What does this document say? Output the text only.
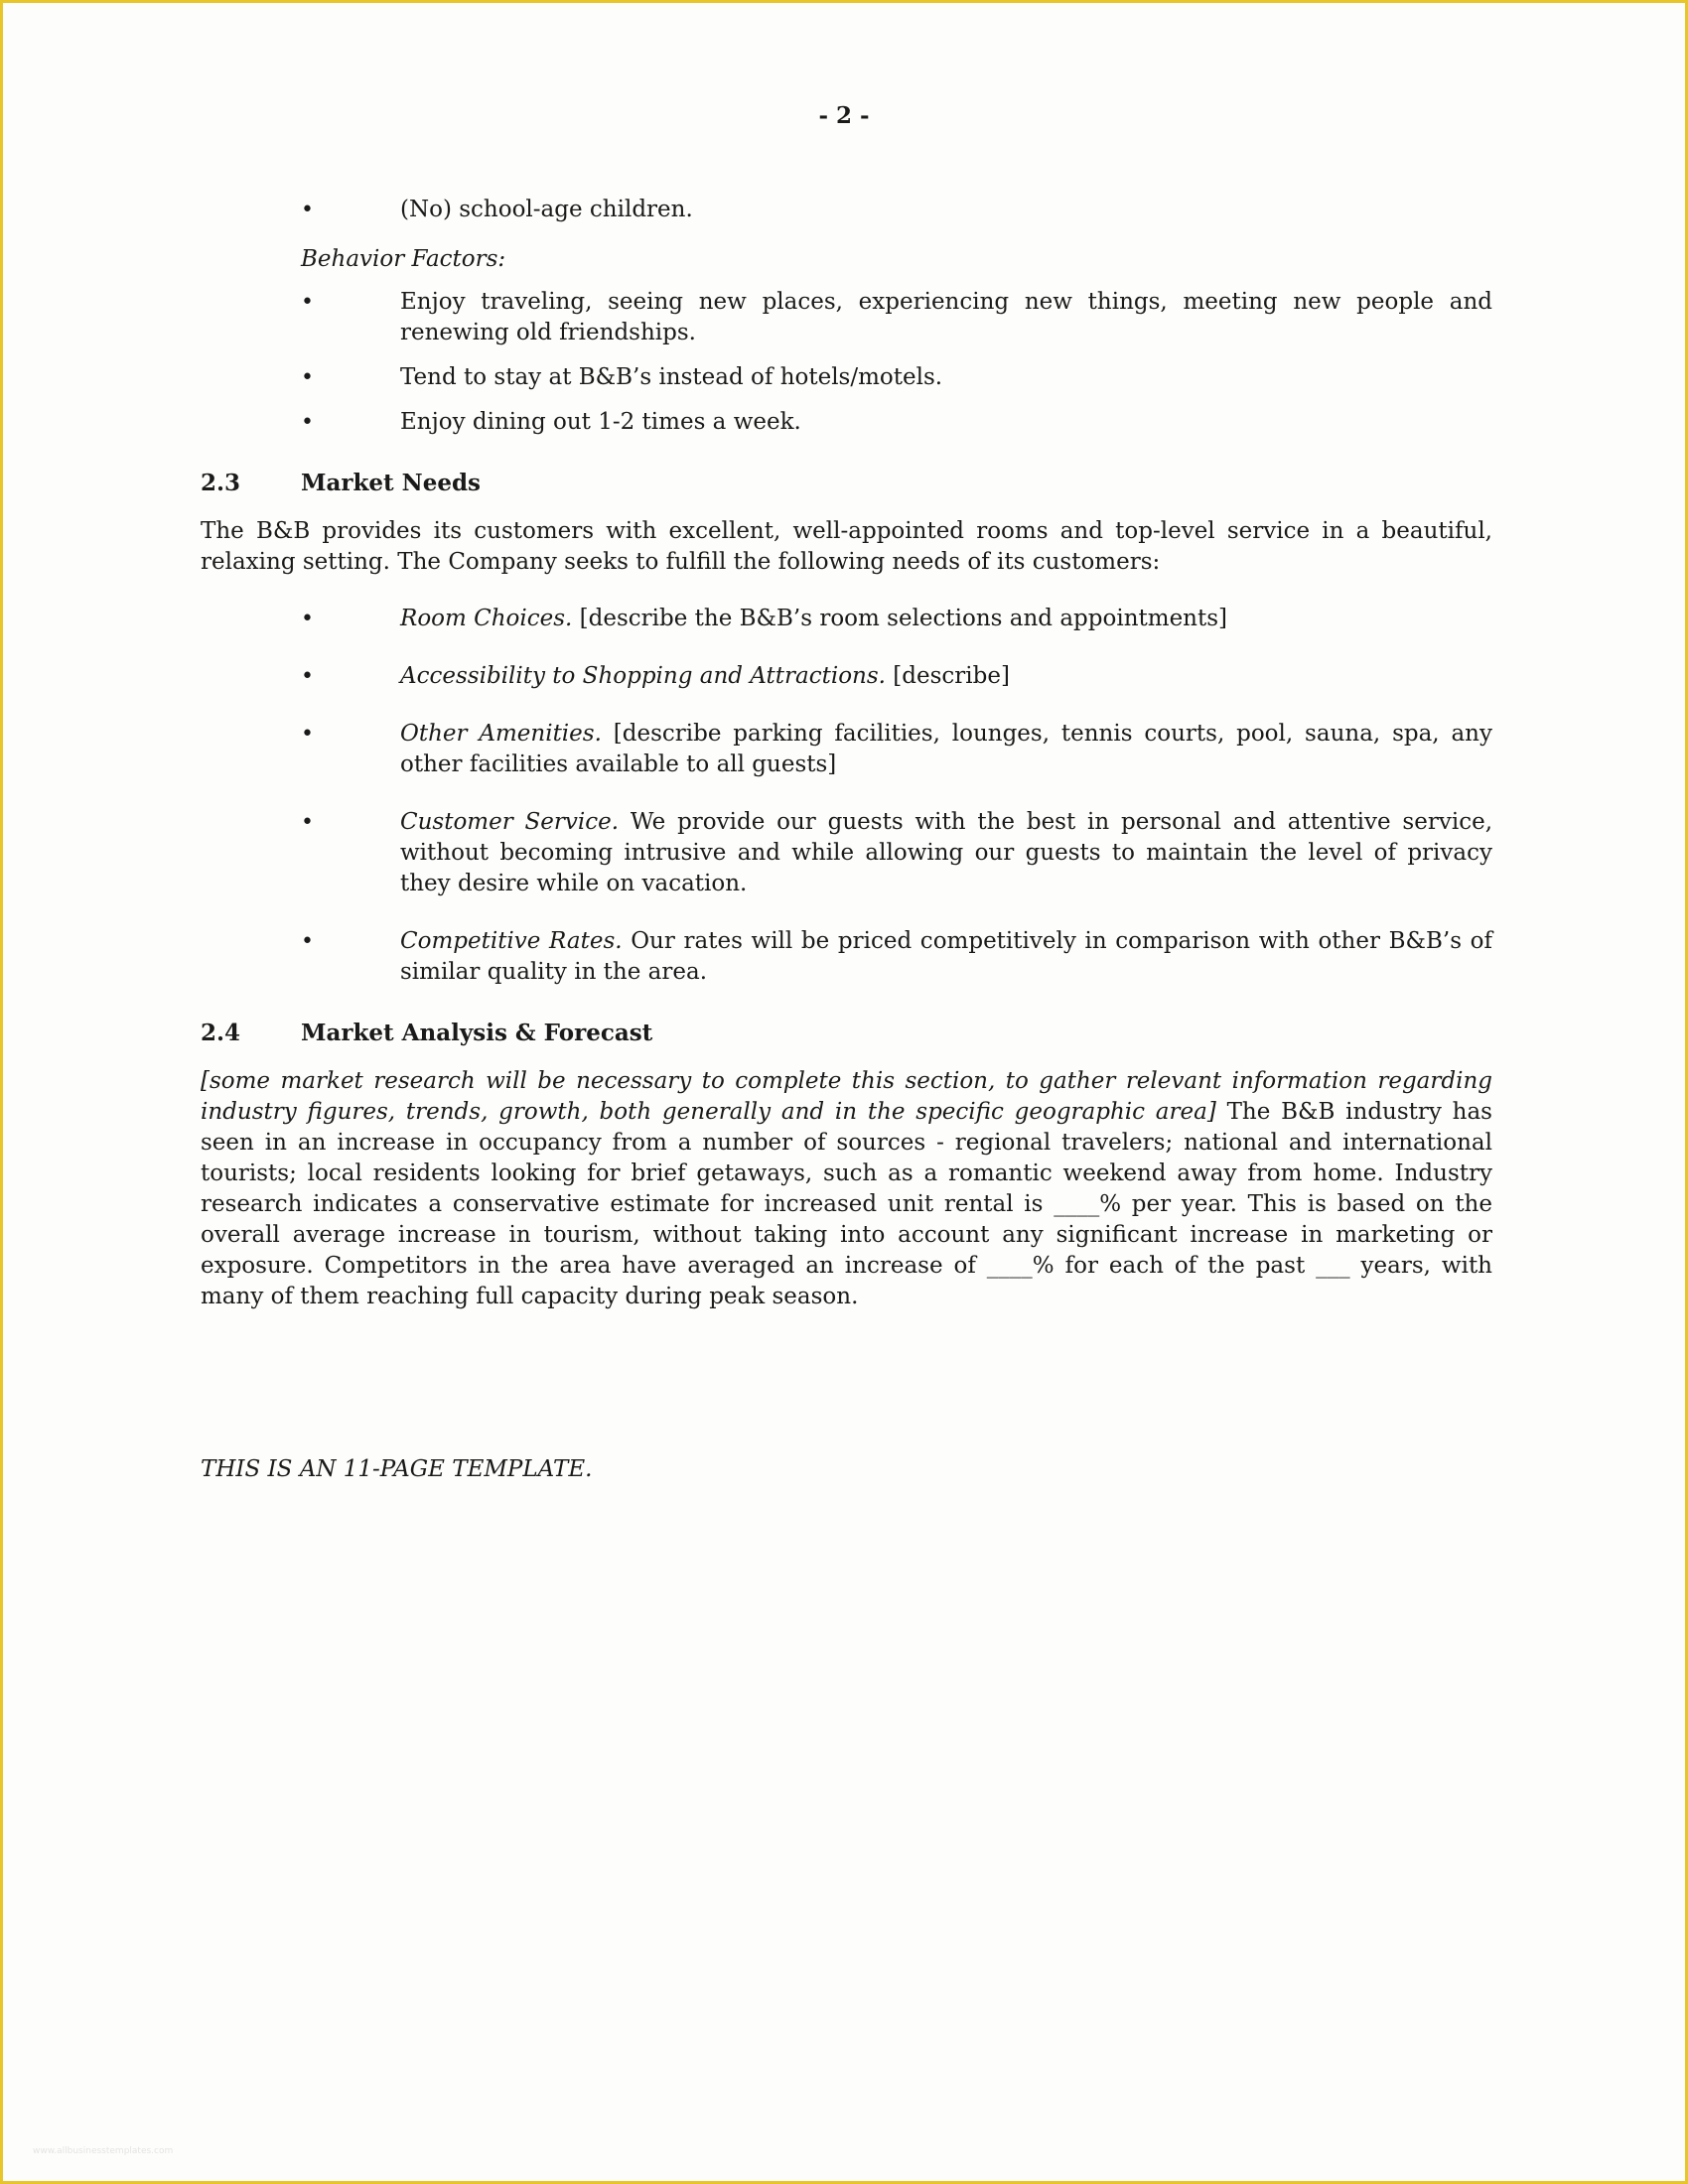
- 2 -
•	(No) school-age children.
Behavior Factors:
•	Enjoy traveling, seeing new places, experiencing new things, meeting new people and renewing old friendships.
•	Tend to stay at B&B’s instead of hotels/motels.
•	Enjoy dining out 1-2 times a week.
2.3	Market Needs

The B&B provides its customers with excellent, well-appointed rooms and top-level service in a beautiful, relaxing setting. The Company seeks to fulfill the following needs of its customers:

•	Room Choices. [describe the B&B’s room selections and appointments]
•	Accessibility to Shopping and Attractions. [describe]
•	Other Amenities. [describe parking facilities, lounges, tennis courts, pool, sauna, spa, any other facilities available to all guests]
•	Customer Service. We provide our guests with the best in personal and attentive service, without becoming intrusive and while allowing our guests to maintain the level of privacy they desire while on vacation.
•	Competitive Rates. Our rates will be priced competitively in comparison with other B&B’s of similar quality in the area.
2.4	Market Analysis & Forecast

[some market research will be necessary to complete this section, to gather relevant information regarding industry figures, trends, growth, both generally and in the specific geographic area] The B&B industry has seen in an increase in occupancy from a number of sources - regional travelers; national and international tourists; local residents looking for brief getaways, such as a romantic weekend away from home. Industry research indicates a conservative estimate for increased unit rental is ____% per year. This is based on the overall average increase in tourism, without taking into account any significant increase in marketing or exposure. Competitors in the area have averaged an increase of ____% for each of the past ___ years, with many of them reaching full capacity during peak season.

THIS IS AN 11-PAGE TEMPLATE.
www.allbusinesstemplates.com
